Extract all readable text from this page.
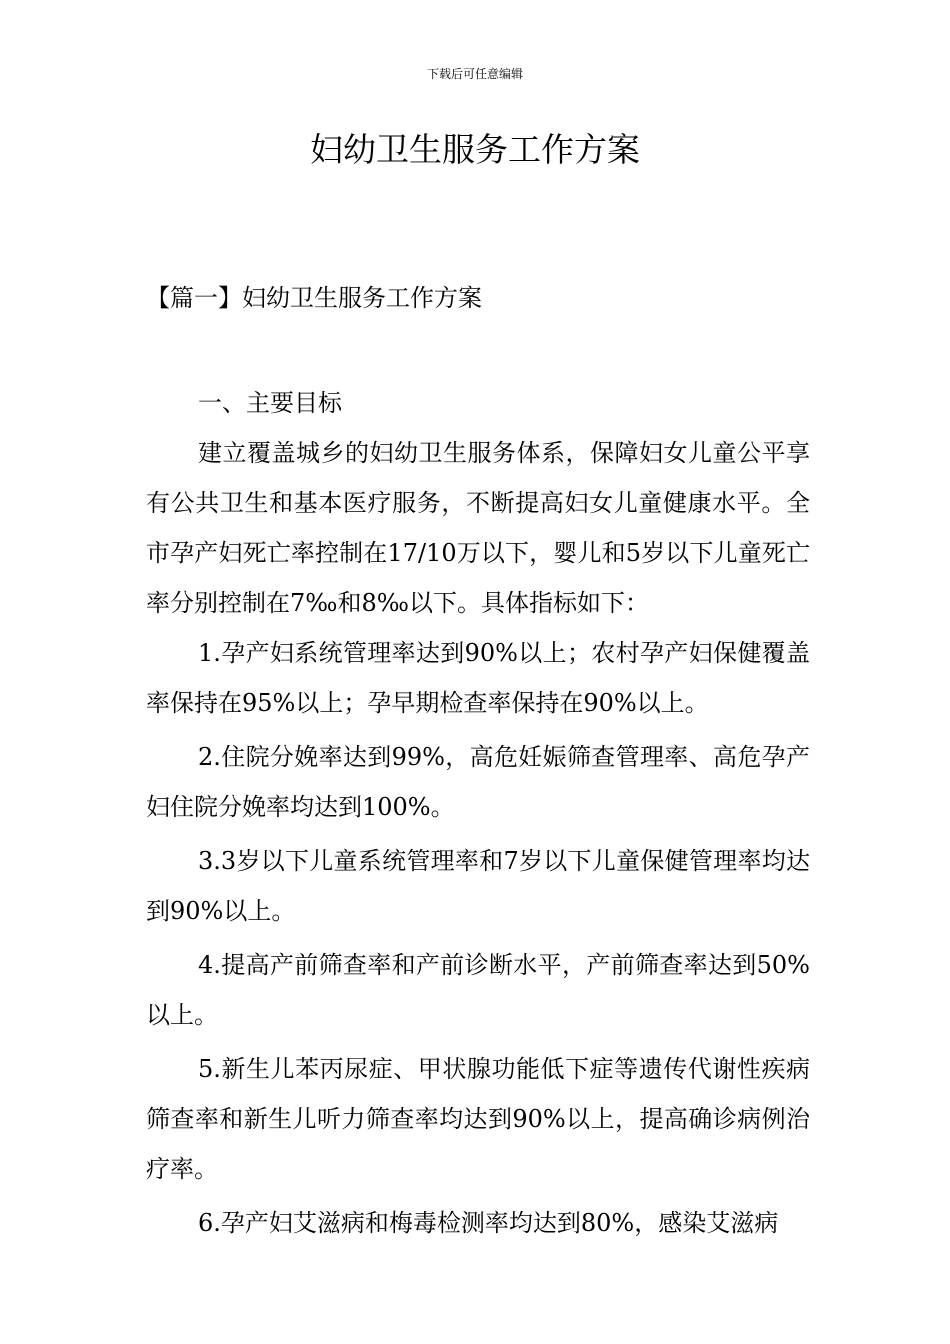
下载后可任意编辑
妇幼卫生服务工作方案
【篇一】妇幼卫生服务工作方案

一、主要目标

建立覆盖城乡的妇幼卫生服务体系，保障妇女儿童公平享有公共卫生和基本医疗服务，不断提高妇女儿童健康水平。全市孕产妇死亡率控制在17/10万以下，婴儿和5岁以下儿童死亡率分别控制在7‰和8‰以下。具体指标如下：

1.孕产妇系统管理率达到90%以上；农村孕产妇保健覆盖率保持在95%以上；孕早期检查率保持在90%以上。

2.住院分娩率达到99%，高危妊娠筛查管理率、高危孕产妇住院分娩率均达到100%。

3.3岁以下儿童系统管理率和7岁以下儿童保健管理率均达到90%以上。

4.提高产前筛查率和产前诊断水平，产前筛查率达到50%以上。

5.新生儿苯丙尿症、甲状腺功能低下症等遗传代谢性疾病筛查率和新生儿听力筛查率均达到90%以上，提高确诊病例治疗率。

6.孕产妇艾滋病和梅毒检测率均达到80%，感染艾滋病
